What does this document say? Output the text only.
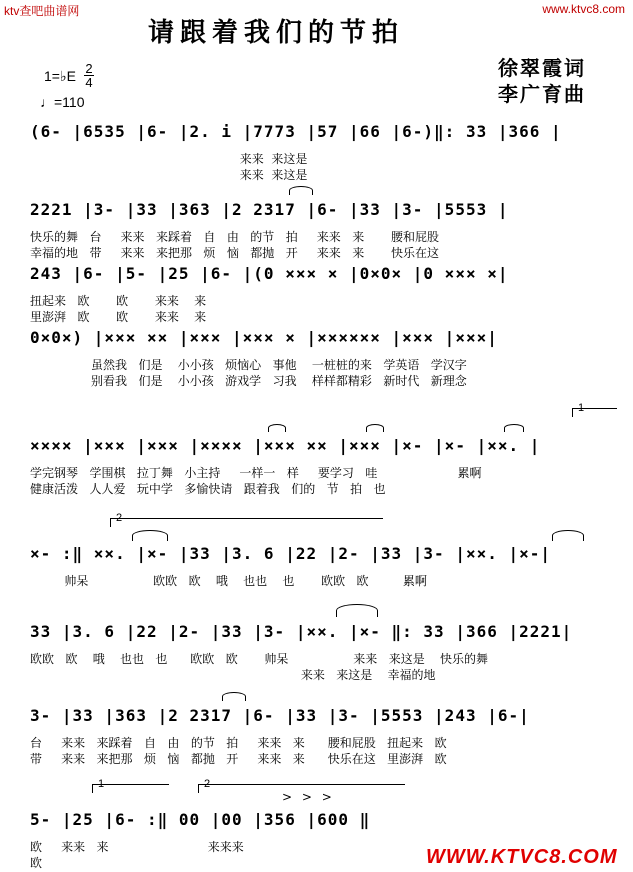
ktv查吧曲谱网	www.ktvc8.com
请跟着我们的节拍
徐翠霞词
李广育曲
1=♭E 2
4
♩=110
(6- |6535 |6- |2. i |7773 |57 |66 |6-)‖: 33 |366 |
来来  来这是
来来  来这是
2221 |3- |33 |363 |2 2317 |6- |33 |3- |5553 |
快乐的舞   台     来来   来踩着   自   由   的节   拍     来来   来       腰和屁股
幸福的地   带     来来   来把那   烦   恼   都抛   开     来来   来       快乐在这
243 |6- |5- |25 |6- |(0 ××× × |0×0× |0 ××× ×|
扭起来   欧       欧       来来    来
里澎湃   欧       欧       来来    来
0×0×) |××× ×× |××× |××× × |×××××× |××× |×××|
虽然我   们是    小小孩   烦恼心   事他    一桩桩的来   学英语   学汉字
别看我   们是    小小孩   游戏学   习我    样样都精彩   新时代   新理念
1
×××× |××× |××× |×××× |××× ×× |××× |×- |×- |××. |
学完钢琴   学围棋   拉丁舞   小主持     一样一   样     要学习   哇                     累啊
健康活泼   人人爱   玩中学   多愉快请   跟着我   们的   节   拍   也
2
×- :‖ ××. |×- |33 |3. 6 |22 |2- |33 |3- |××. |×-|
帅呆                 欧欧   欧    哦    也也    也       欧欧   欧         累啊
33 |3. 6 |22 |2- |33 |3- |××. |×- ‖: 33 |366 |2221|
欧欧   欧    哦    也也   也      欧欧   欧       帅呆                 来来   来这是    快乐的舞
来来   来这是    幸福的地
3- |33 |363 |2 2317 |6- |33 |3- |5553 |243 |6-|
台     来来   来踩着   自   由   的节   拍     来来   来      腰和屁股   扭起来   欧
带     来来   来把那   烦   恼   都抛   开     来来   来      快乐在这   里澎湃   欧
1	2
> > >
5- |25 |6- :‖ 00 |00 |356 |600 ‖
欧     来来   来                          来来来
欧	WWW.KTVC8.COM
